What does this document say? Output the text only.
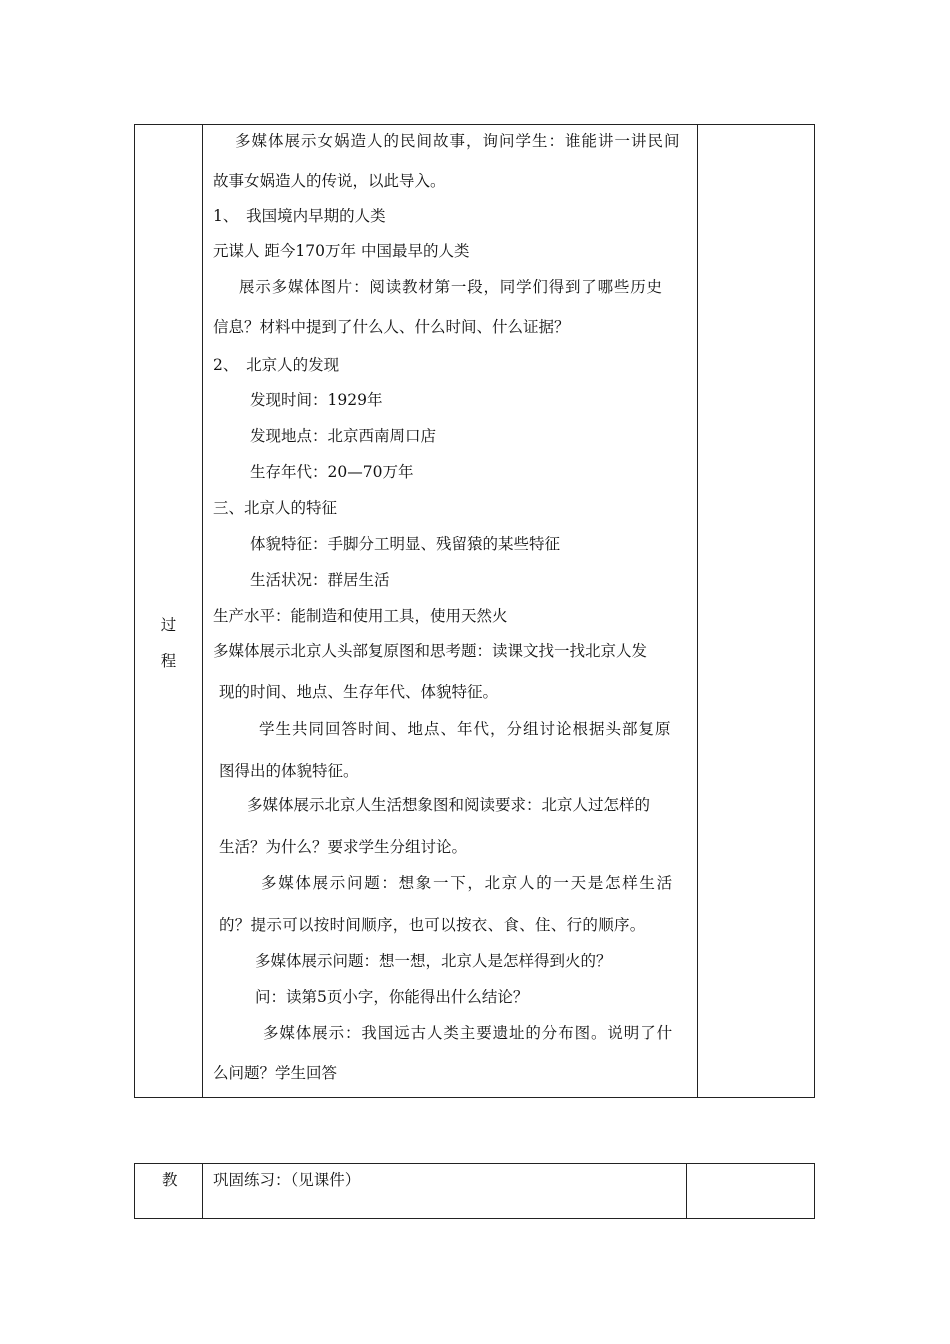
过
程
多媒体展示女娲造人的民间故事，询问学生：谁能讲一讲民间
故事女娲造人的传说，以此导入。
1、　我国境内早期的人类
元谋人 距今170万年 中国最早的人类
展示多媒体图片：阅读教材第一段，同学们得到了哪些历史
信息？材料中提到了什么人、什么时间、什么证据？
2、　北京人的发现
发现时间：1929年
发现地点：北京西南周口店
生存年代：20—70万年
三、北京人的特征
体貌特征：手脚分工明显、残留猿的某些特征
生活状况：群居生活
生产水平：能制造和使用工具，使用天然火
多媒体展示北京人头部复原图和思考题：读课文找一找北京人发
现的时间、地点、生存年代、体貌特征。
学生共同回答时间、地点、年代，分组讨论根据头部复原
图得出的体貌特征。
多媒体展示北京人生活想象图和阅读要求：北京人过怎样的
生活？为什么？要求学生分组讨论。
多媒体展示问题：想象一下，北京人的一天是怎样生活
的？提示可以按时间顺序，也可以按衣、食、住、行的顺序。
多媒体展示问题：想一想，北京人是怎样得到火的？
问：读第5页小字，你能得出什么结论？
多媒体展示：我国远古人类主要遗址的分布图。说明了什
么问题？学生回答
教 巩固练习：（见课件）
